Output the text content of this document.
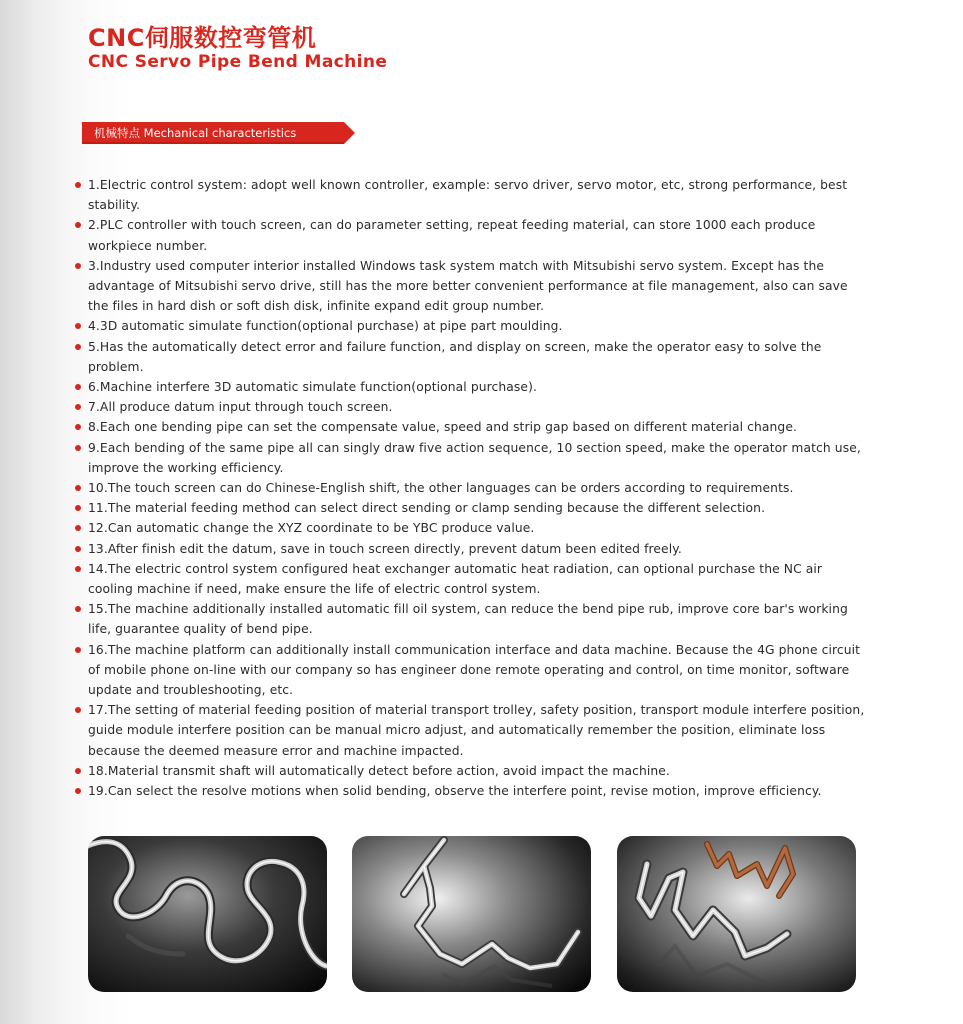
CNC伺服数控弯管机
CNC Servo Pipe Bend Machine
机械特点 Mechanical characteristics
1.Electric control system: adopt well known controller, example: servo driver, servo motor, etc, strong performance, best stability.
2.PLC controller with touch screen, can do parameter setting, repeat feeding material, can store 1000 each produce workpiece number.
3.Industry used computer interior installed Windows task system match with Mitsubishi servo system. Except has the advantage of Mitsubishi servo drive, still has the more better convenient performance at file management, also can save the files in hard dish or soft dish disk, infinite expand edit group number.
4.3D automatic simulate function(optional purchase) at pipe part moulding.
5.Has the automatically detect error and failure function, and display on screen, make the operator easy to solve the problem.
6.Machine interfere 3D automatic simulate function(optional purchase).
7.All produce datum input through touch screen.
8.Each one bending pipe can set the compensate value, speed and strip gap based on different material change.
9.Each bending of the same pipe all can singly draw five action sequence, 10 section speed, make the operator match use, improve the working efficiency.
10.The touch screen can do Chinese-English shift, the other languages can be orders according to requirements.
11.The material feeding method can select direct sending or clamp sending because the different selection.
12.Can automatic change the XYZ coordinate to be YBC produce value.
13.After finish edit the datum, save in touch screen directly, prevent datum been edited freely.
14.The electric control system configured heat exchanger automatic heat radiation, can optional purchase the NC air cooling machine if need, make ensure the life of electric control system.
15.The machine additionally installed automatic fill oil system, can reduce the bend pipe rub, improve core bar's working life, guarantee quality of bend pipe.
16.The machine platform can additionally install communication interface and data machine. Because the 4G phone circuit of mobile phone on-line with our company so has engineer done remote operating and control, on time monitor, software update and troubleshooting, etc.
17.The setting of material feeding position of material transport trolley, safety position, transport module interfere position, guide module interfere position can be manual micro adjust, and automatically remember the position, eliminate loss because the deemed measure error and machine impacted.
18.Material transmit shaft will automatically detect before action, avoid impact the machine.
19.Can select the resolve motions when solid bending, observe the interfere point, revise motion, improve efficiency.
